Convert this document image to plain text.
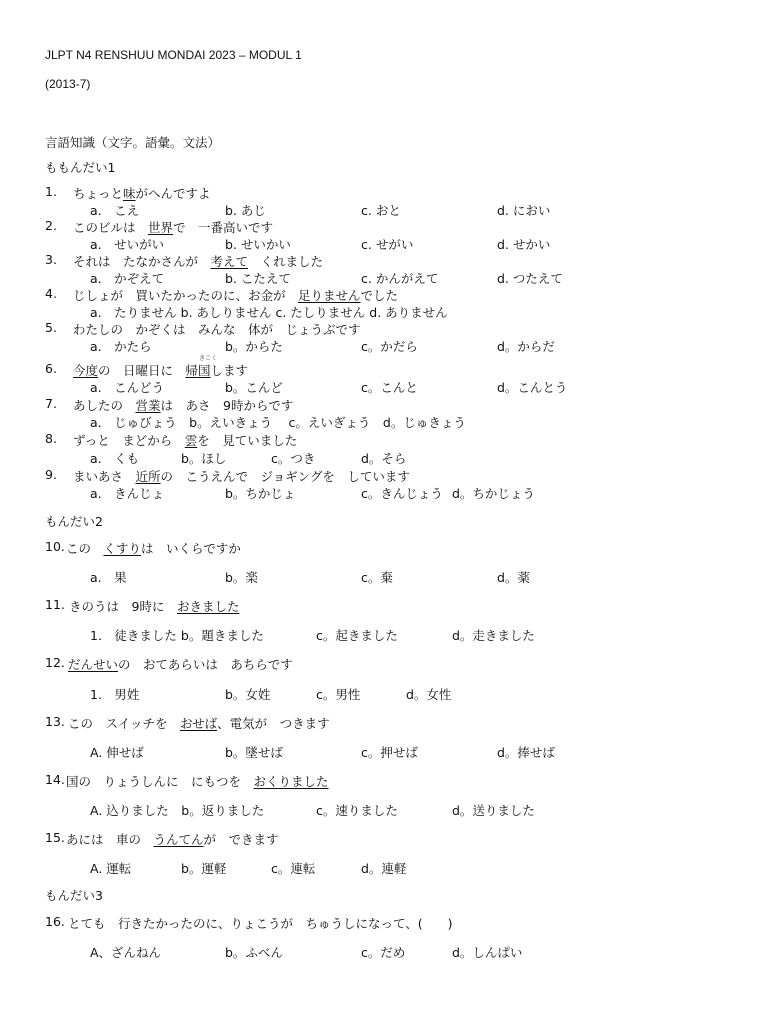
JLPT N4 RENSHUU MONDAI 2023 – MODUL 1
(2013-7)
言語知識（文字。語彙。文法）
ももんだい1
1. ちょっと味がへんですよ
a.　こえ	b. あじ	c. おと	d. におい
2. このビルは　世界で　一番高いです
a.　せいがい	b. せいかい	c. せがい	d. せかい
3. それは　たなかさんが　考えて　くれました
a.　かぞえて	b. こたえて	c. かんがえて	d. つたえて
4. じしょが　買いたかったのに、お金が　足りませんでした
a.　たりません b. あしりません c. たしりません d. ありません
5. わたしの　かぞくは　みんな　体が　じょうぶです
a.　かたら	b。からた	c。かだら	d。からだ
6.
きこく
今度の　日曜日に　帰国します
a.　こんどう	b。こんど	c。こんと	d。こんとう
7. あしたの　営業は　あさ　9時からです
a.　じゅびょう　b。えいきょう　 c。えいぎょう　d。じゅきょう
8. ずっと　まどから　雲を　見ていました
a.　くも	b。ほし	c。つき	d。そら
9. まいあさ　近所の　こうえんで　ジョギングを　しています
a.　きんじょ	b。ちかじょ	c。きんじょう d。ちかじょう
もんだい2
10. この　くすりは　いくらですか
a.　果	b。楽	c。棄	d。薬
11. きのうは　9時に　おきました
1.　徒きました b。題きました	c。起きました	d。走きました
12. だんせいの　おてあらいは　あちらです
1.　男姓	b。女姓	c。男性	d。女性
13. この　スイッチを　おせば、電気が　つきます
A. 伸せば	b。墜せば	c。押せば	d。捧せば
14. 国の　りょうしんに　にもつを　おくりました
A. 込りました　b。返りました	c。速りました	d。送りました
15. あには　車の　うんてんが　できます
A. 運転	b。運軽	c。連転	d。連軽
もんだい3
16. とても　行きたかったのに、りょこうが　ちゅうしになって、(　　)
A、ざんねん	b。ふべん	c。だめ	d。しんぱい
